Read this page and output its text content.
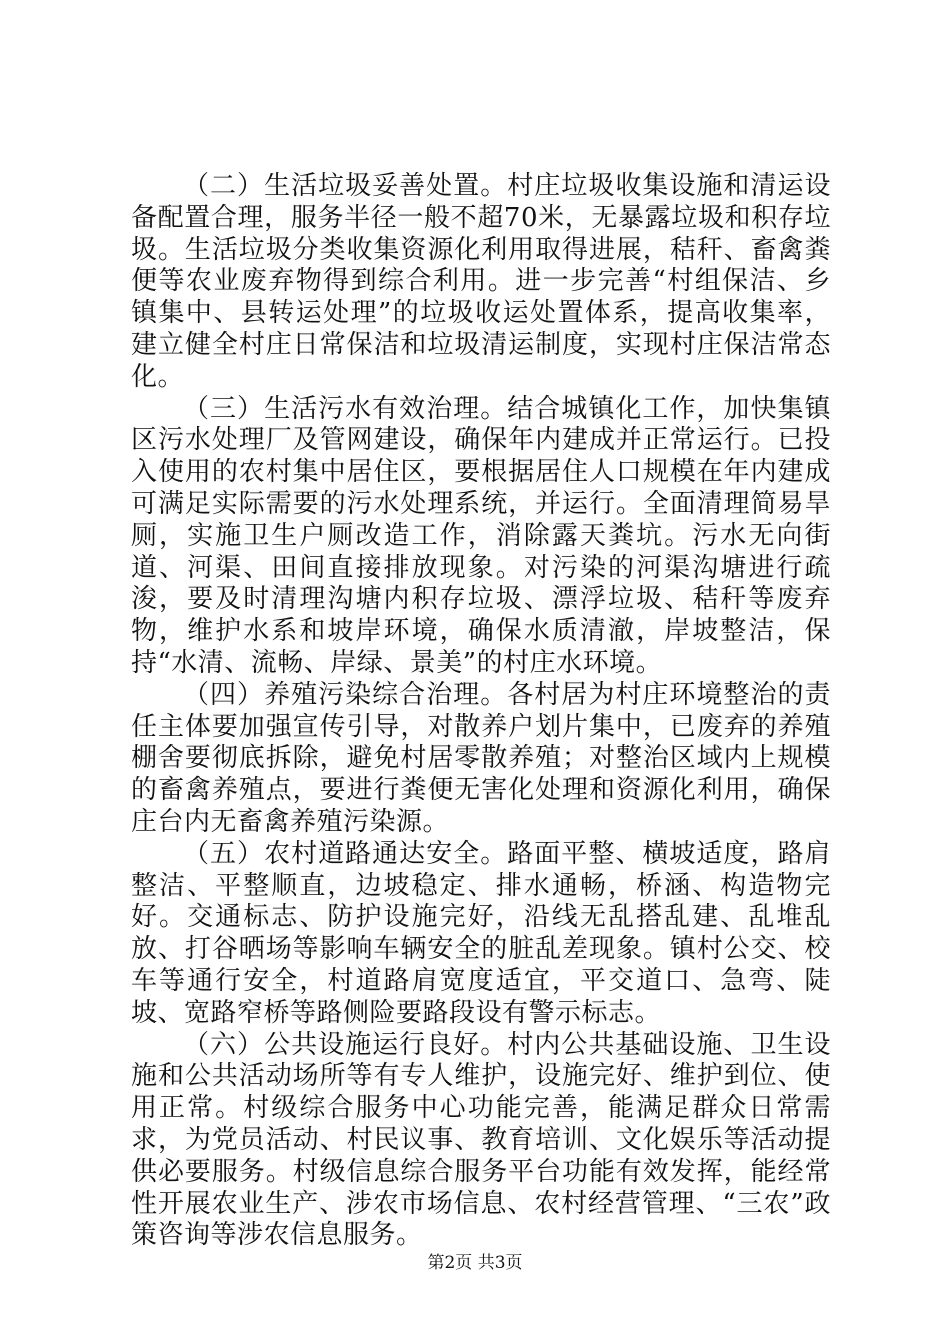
（二）生活垃圾妥善处置。村庄垃圾收集设施和清运设备配置合理，服务半径一般不超70米，无暴露垃圾和积存垃圾。生活垃圾分类收集资源化利用取得进展，秸秆、畜禽粪便等农业废弃物得到综合利用。进一步完善“村组保洁、乡镇集中、县转运处理”的垃圾收运处置体系，提高收集率，建立健全村庄日常保洁和垃圾清运制度，实现村庄保洁常态化。

（三）生活污水有效治理。结合城镇化工作，加快集镇区污水处理厂及管网建设，确保年内建成并正常运行。已投入使用的农村集中居住区，要根据居住人口规模在年内建成可满足实际需要的污水处理系统，并运行。全面清理简易旱厕，实施卫生户厕改造工作，消除露天粪坑。污水无向街道、河渠、田间直接排放现象。对污染的河渠沟塘进行疏浚，要及时清理沟塘内积存垃圾、漂浮垃圾、秸秆等废弃物，维护水系和坡岸环境，确保水质清澈，岸坡整洁，保持“水清、流畅、岸绿、景美”的村庄水环境。

（四）养殖污染综合治理。各村居为村庄环境整治的责任主体要加强宣传引导，对散养户划片集中，已废弃的养殖棚舍要彻底拆除，避免村居零散养殖；对整治区域内上规模的畜禽养殖点，要进行粪便无害化处理和资源化利用，确保庄台内无畜禽养殖污染源。

（五）农村道路通达安全。路面平整、横坡适度，路肩整洁、平整顺直，边坡稳定、排水通畅，桥涵、构造物完好。交通标志、防护设施完好，沿线无乱搭乱建、乱堆乱放、打谷晒场等影响车辆安全的脏乱差现象。镇村公交、校车等通行安全，村道路肩宽度适宜，平交道口、急弯、陡坡、宽路窄桥等路侧险要路段设有警示标志。

（六）公共设施运行良好。村内公共基础设施、卫生设施和公共活动场所等有专人维护，设施完好、维护到位、使用正常。村级综合服务中心功能完善，能满足群众日常需求，为党员活动、村民议事、教育培训、文化娱乐等活动提供必要服务。村级信息综合服务平台功能有效发挥，能经常性开展农业生产、涉农市场信息、农村经营管理、“三农”政策咨询等涉农信息服务。

第2页 共3页
